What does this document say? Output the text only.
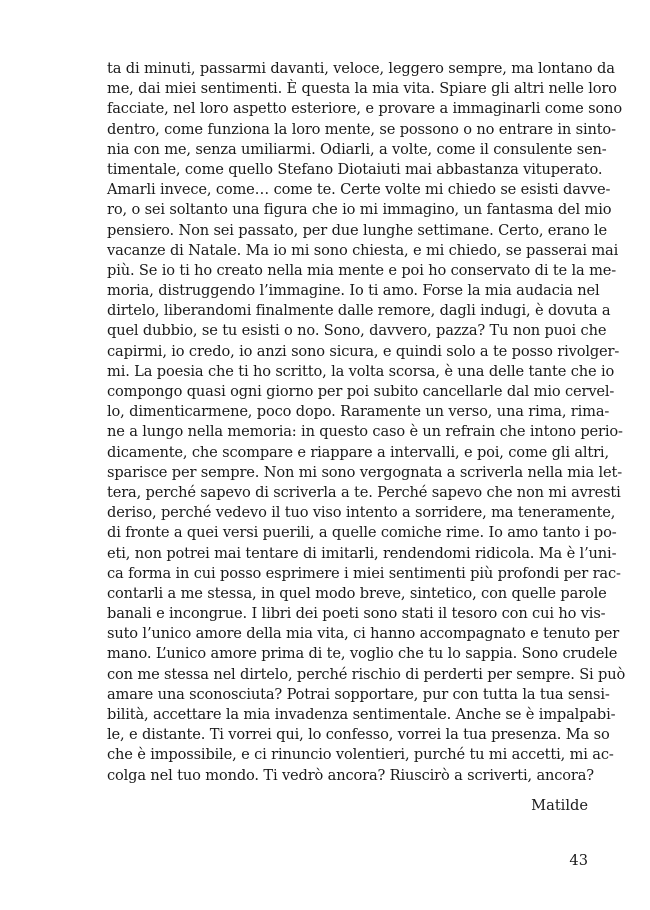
ta di minuti, passarmi davanti, veloce, leggero sempre, ma lontano da
me, dai miei sentimenti. È questa la mia vita. Spiare gli altri nelle loro
facciate, nel loro aspetto esteriore, e provare a immaginarli come sono
dentro, come funziona la loro mente, se possono o no entrare in sinto-
nia con me, senza umiliarmi. Odiarli, a volte, come il consulente sen-
timentale, come quello Stefano Diotaiuti mai abbastanza vituperato.
Amarli invece, come… come te. Certe volte mi chiedo se esisti davve-
ro, o sei soltanto una figura che io mi immagino, un fantasma del mio
pensiero. Non sei passato, per due lunghe settimane. Certo, erano le
vacanze di Natale. Ma io mi sono chiesta, e mi chiedo, se passerai mai
più. Se io ti ho creato nella mia mente e poi ho conservato di te la me-
moria, distruggendo l’immagine. Io ti amo. Forse la mia audacia nel
dirtelo, liberandomi finalmente dalle remore, dagli indugi, è dovuta a
quel dubbio, se tu esisti o no. Sono, davvero, pazza? Tu non puoi che
capirmi, io credo, io anzi sono sicura, e quindi solo a te posso rivolger-
mi. La poesia che ti ho scritto, la volta scorsa, è una delle tante che io
compongo quasi ogni giorno per poi subito cancellarle dal mio cervel-
lo, dimenticarmene, poco dopo. Raramente un verso, una rima, rima-
ne a lungo nella memoria: in questo caso è un refrain che intono perio-
dicamente, che scompare e riappare a intervalli, e poi, come gli altri,
sparisce per sempre. Non mi sono vergognata a scriverla nella mia let-
tera, perché sapevo di scriverla a te. Perché sapevo che non mi avresti
deriso, perché vedevo il tuo viso intento a sorridere, ma teneramente,
di fronte a quei versi puerili, a quelle comiche rime. Io amo tanto i po-
eti, non potrei mai tentare di imitarli, rendendomi ridicola. Ma è l’uni-
ca forma in cui posso esprimere i miei sentimenti più profondi per rac-
contarli a me stessa, in quel modo breve, sintetico, con quelle parole
banali e incongrue. I libri dei poeti sono stati il tesoro con cui ho vis-
suto l’unico amore della mia vita, ci hanno accompagnato e tenuto per
mano. L’unico amore prima di te, voglio che tu lo sappia. Sono crudele
con me stessa nel dirtelo, perché rischio di perderti per sempre. Si può
amare una sconosciuta? Potrai sopportare, pur con tutta la tua sensi-
bilità, accettare la mia invadenza sentimentale. Anche se è impalpabi-
le, e distante. Ti vorrei qui, lo confesso, vorrei la tua presenza. Ma so
che è impossibile, e ci rinuncio volentieri, purché tu mi accetti, mi ac-
colga nel tuo mondo. Ti vedrò ancora? Riuscirò a scriverti, ancora?
Matilde
43
